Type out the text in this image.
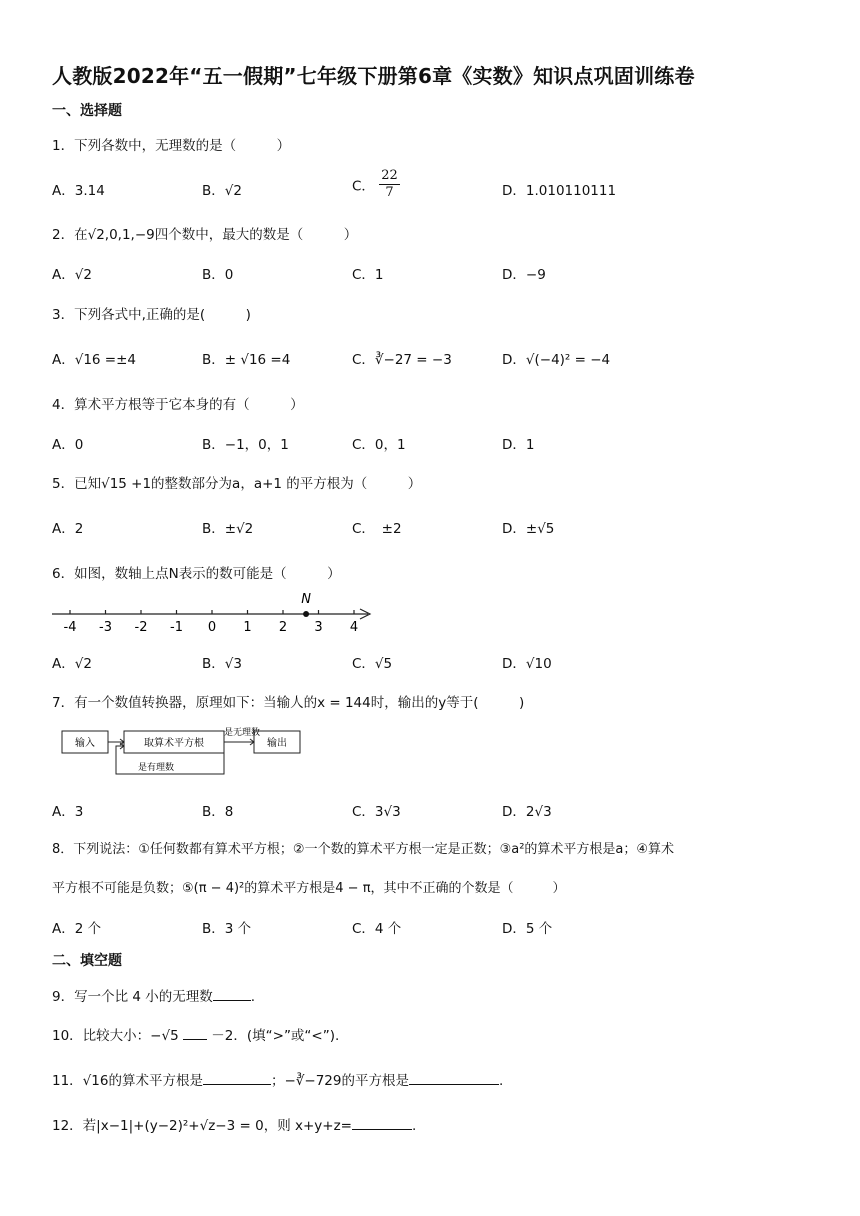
人教版2022年“五一假期”七年级下册第6章《实数》知识点巩固训练卷
一、选择题
1．下列各数中，无理数的是（　　　）
A．3.14	B．√2	C． $\frac{22}{7}$	D．1.010110111
2．在√2,0,1,−9四个数中，最大的数是（　　　）
A．√2	B．0	C．1	D．−9
3．下列各式中,正确的是(　　　)
A．√16 =±4	B．± √16 =4	C．∛−27 = −3	D．√(−4)² = −4
4．算术平方根等于它本身的有（　　　）
A．0	B．−1，0，1	C．0，1	D．1
5．已知√15 +1的整数部分为a，a+1 的平方根为（　　　）
A．2	B．±√2	C．　±2	D．±√5
6．如图，数轴上点N表示的数可能是（　　　）
-4 -3 -2 -1 0 1 2 3 4
N
A．√2	B．√3	C．√5	D．√10
7．有一个数值转换器，原理如下：当输人的x = 144时，输出的y等于(　　　)
输入	取算术平方根
是无理数
输出
是有理数
A．3	B．8	C．3√3	D．2√3
8．下列说法：①任何数都有算术平方根；②一个数的算术平方根一定是正数；③a²的算术平方根是a；④算术
平方根不可能是负数；⑤(π − 4)²的算术平方根是4 − π，其中不正确的个数是（　　　）
A．2 个	B．3 个	C．4 个	D．5 个
二、填空题
9．写一个比 4 小的无理数	.
10．比较大小：−√5 －2．(填“>”或“<”).
11．√16的算术平方根是	；−∛−729的平方根是	.
12．若|x−1|+(y−2)²+√z−3 = 0，则 x+y+z=	.
